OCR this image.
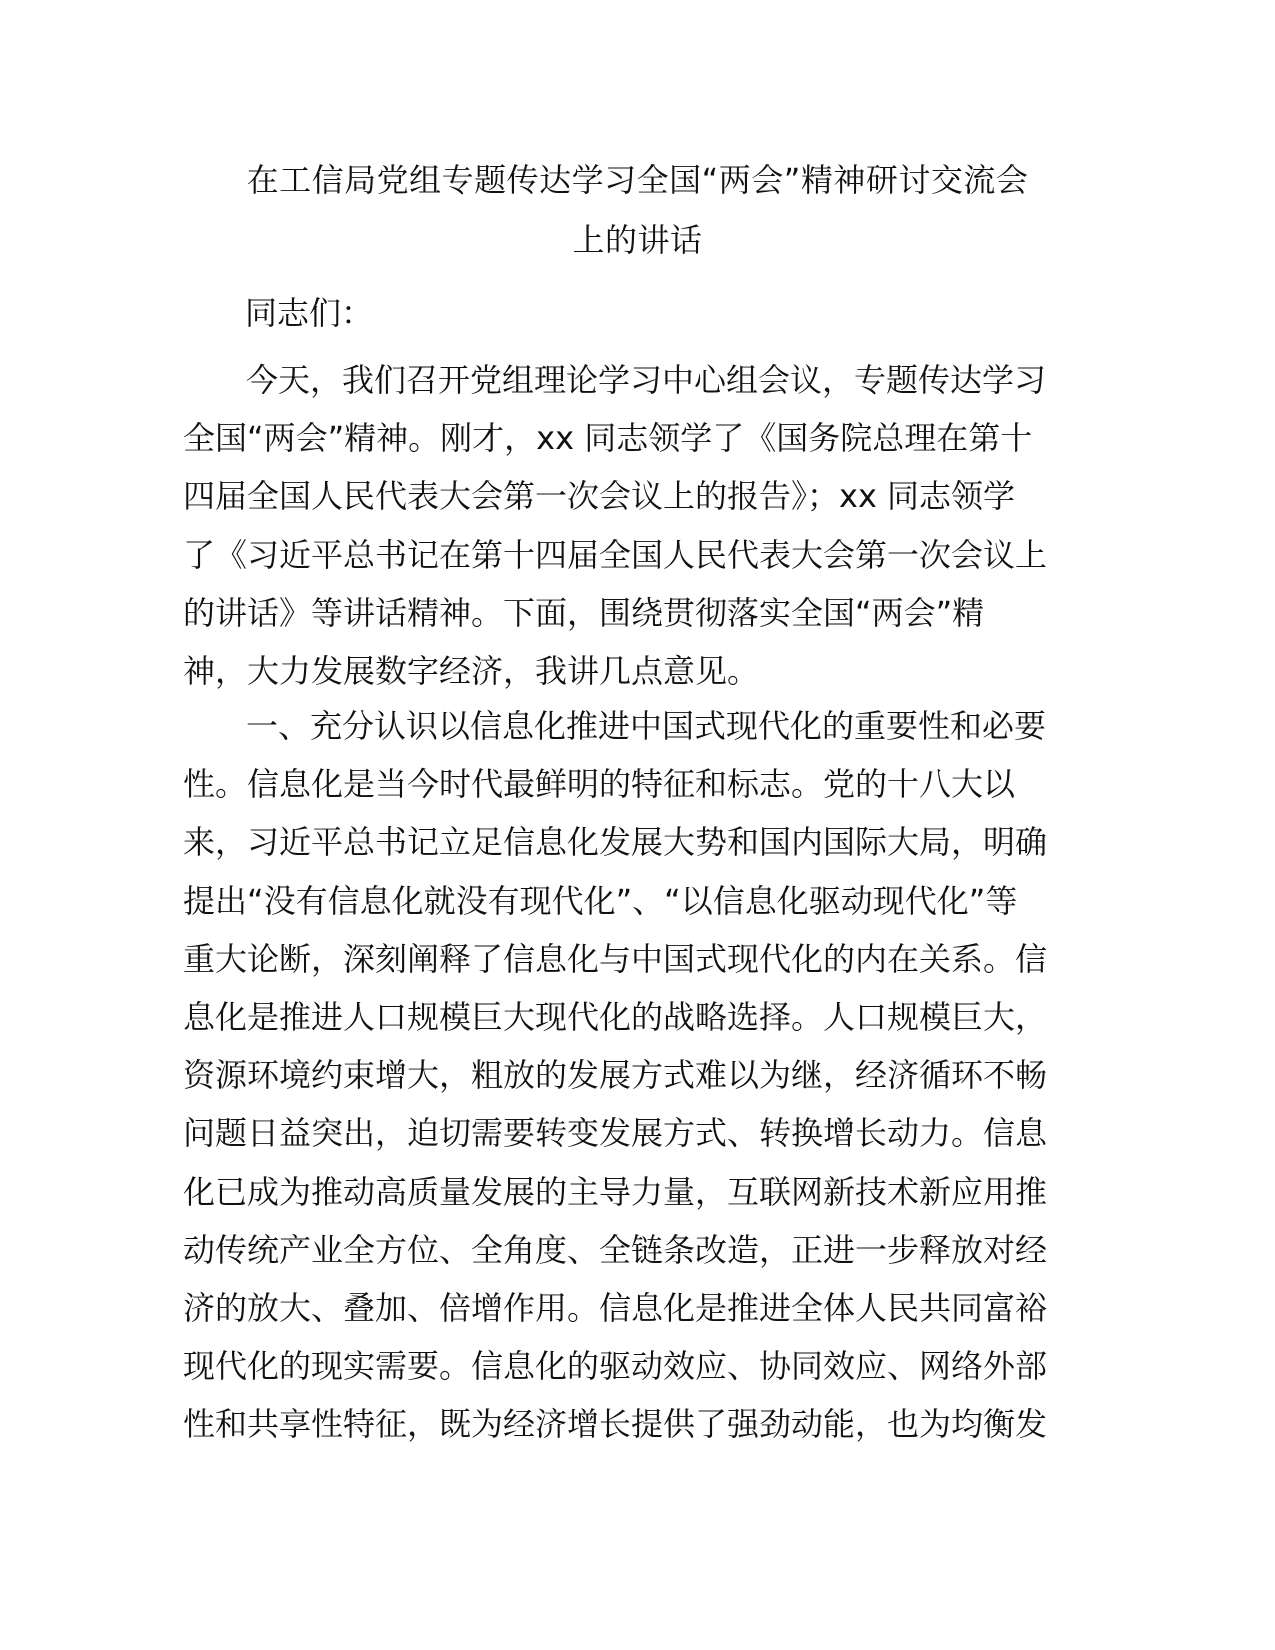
在工信局党组专题传达学习全国“两会”精神研讨交流会
上的讲话

同志们：

今天，我们召开党组理论学习中心组会议，专题传达学习
全国“两会”精神。刚才，xx 同志领学了《国务院总理在第十
四届全国人民代表大会第一次会议上的报告》；xx 同志领学
了《习近平总书记在第十四届全国人民代表大会第一次会议上
的讲话》等讲话精神。下面，围绕贯彻落实全国“两会”精
神，大力发展数字经济，我讲几点意见。

一、充分认识以信息化推进中国式现代化的重要性和必要
性。信息化是当今时代最鲜明的特征和标志。党的十八大以
来，习近平总书记立足信息化发展大势和国内国际大局，明确
提出“没有信息化就没有现代化”、“以信息化驱动现代化”等
重大论断，深刻阐释了信息化与中国式现代化的内在关系。信
息化是推进人口规模巨大现代化的战略选择。人口规模巨大，
资源环境约束增大，粗放的发展方式难以为继，经济循环不畅
问题日益突出，迫切需要转变发展方式、转换增长动力。信息
化已成为推动高质量发展的主导力量，互联网新技术新应用推
动传统产业全方位、全角度、全链条改造，正进一步释放对经
济的放大、叠加、倍增作用。信息化是推进全体人民共同富裕
现代化的现实需要。信息化的驱动效应、协同效应、网络外部
性和共享性特征，既为经济增长提供了强劲动能，也为均衡发
